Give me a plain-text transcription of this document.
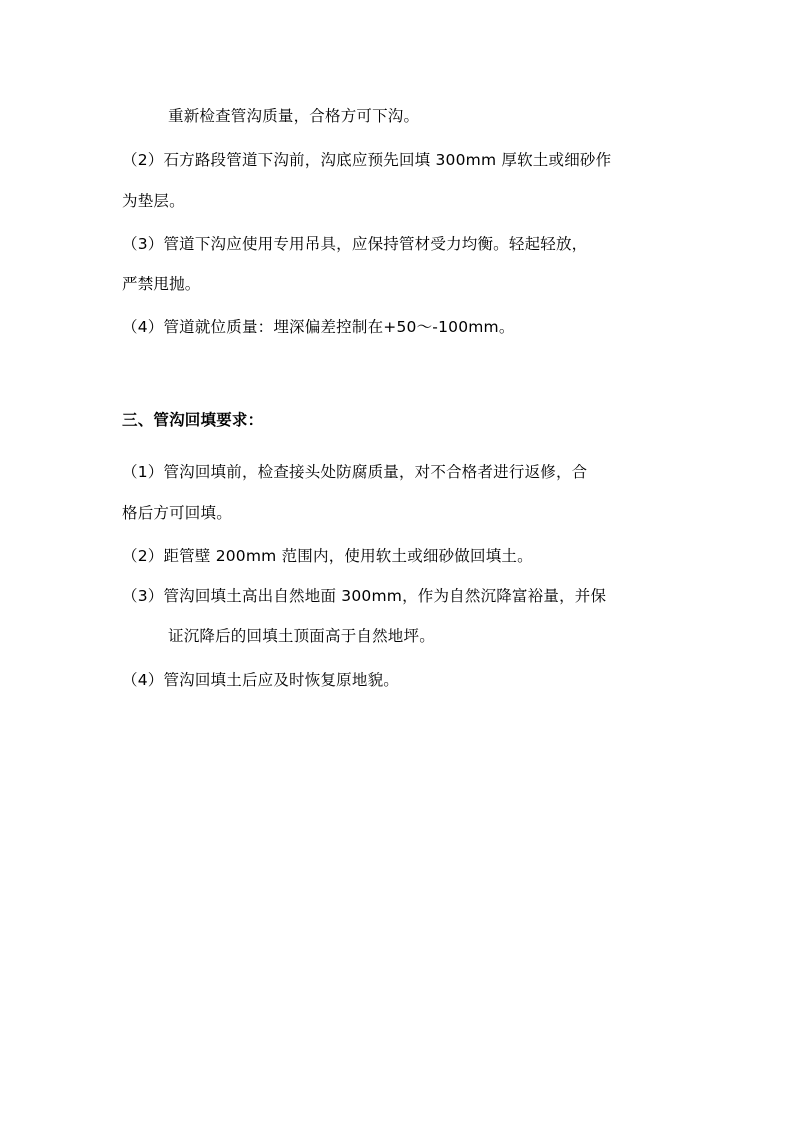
重新检查管沟质量，合格方可下沟。
（2）石方路段管道下沟前，沟底应预先回填 300mm 厚软土或细砂作
为垫层。
（3）管道下沟应使用专用吊具，应保持管材受力均衡。轻起轻放，
严禁甩抛。
（4）管道就位质量：埋深偏差控制在+50～-100mm。
三、管沟回填要求：
（1）管沟回填前，检查接头处防腐质量，对不合格者进行返修，合
格后方可回填。
（2）距管壁 200mm 范围内，使用软土或细砂做回填土。
（3）管沟回填土高出自然地面 300mm，作为自然沉降富裕量，并保
证沉降后的回填土顶面高于自然地坪。
（4）管沟回填土后应及时恢复原地貌。
